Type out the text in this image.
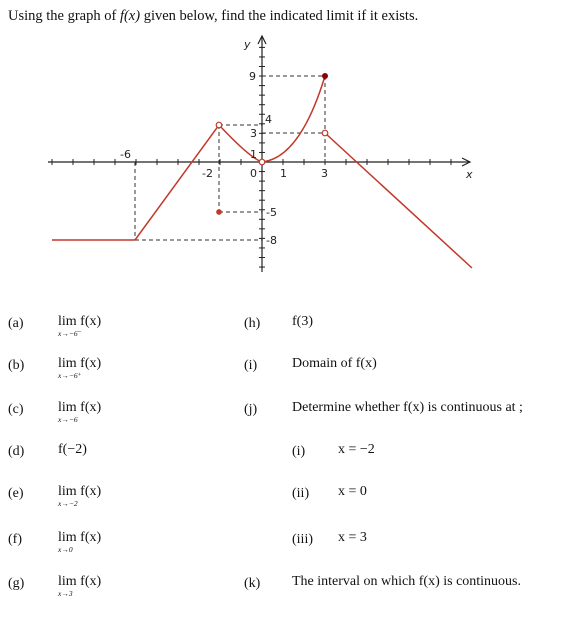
Using the graph of f(x) given below, find the indicated limit if it exists.
x
y
-6
-2	0 1	3
9
4
3
1
-5
-8
(a) lim f(x)
x→−6⁻
(b) lim f(x)
x→−6⁺
(c) lim f(x)
x→−6
(d) f(−2)
(e) lim f(x)
x→−2
(f)	lim f(x)
x→0
(g) lim f(x)
x→3
(h) f(3)
(i) Domain of f(x)
(j) Determine whether f(x) is continuous at ;
(i) x = −2
(ii) x = 0
(iii) x = 3
(k) The interval on which f(x) is continuous.
